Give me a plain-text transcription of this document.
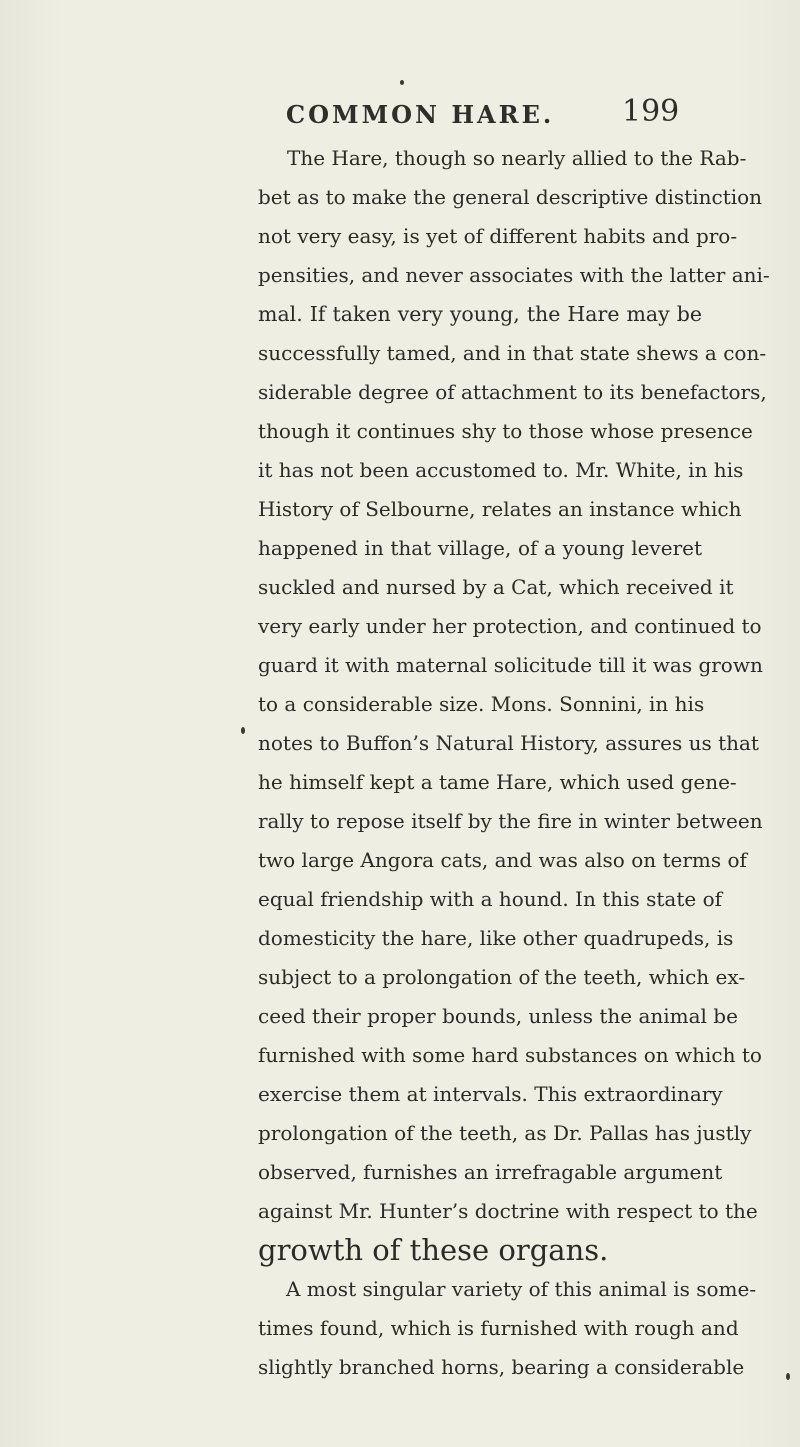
COMMON HARE. 199
The Hare, though so nearly allied to the Rab-
bet as to make the general descriptive distinction
not very easy, is yet of different habits and pro-
pensities, and never associates with the latter ani-
mal. If taken very young, the Hare may be
successfully tamed, and in that state shews a con-
siderable degree of attachment to its benefactors,
though it continues shy to those whose presence
it has not been accustomed to. Mr. White, in his
History of Selbourne, relates an instance which
happened in that village, of a young leveret
suckled and nursed by a Cat, which received it
very early under her protection, and continued to
guard it with maternal solicitude till it was grown
to a considerable size. Mons. Sonnini, in his
notes to Buffon’s Natural History, assures us that
he himself kept a tame Hare, which used gene-
rally to repose itself by the fire in winter between
two large Angora cats, and was also on terms of
equal friendship with a hound. In this state of
domesticity the hare, like other quadrupeds, is
subject to a prolongation of the teeth, which ex-
ceed their proper bounds, unless the animal be
furnished with some hard substances on which to
exercise them at intervals. This extraordinary
prolongation of the teeth, as Dr. Pallas has justly
observed, furnishes an irrefragable argument
against Mr. Hunter’s doctrine with respect to the
growth of these organs.
A most singular variety of this animal is some-
times found, which is furnished with rough and
slightly branched horns, bearing a considerable
